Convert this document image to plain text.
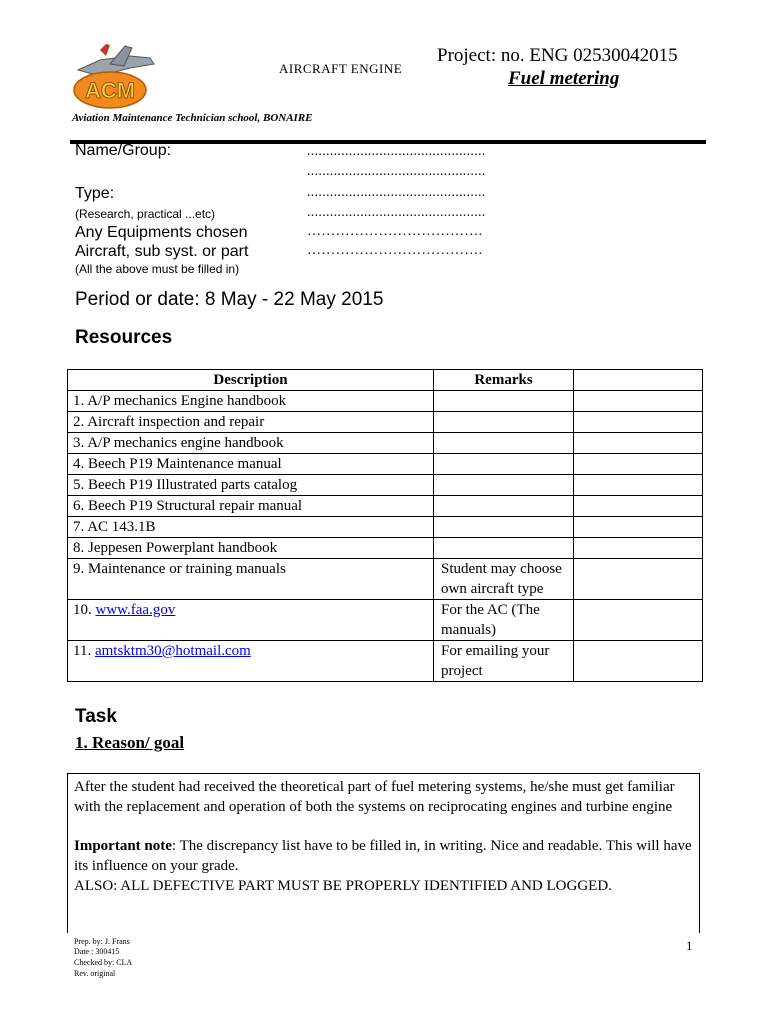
ACM
AIRCRAFT ENGINE
Project: no. ENG 02530042015
Fuel metering
Aviation Maintenance Technician school, BONAIRE
Name/Group:	...............................................
...............................................
Type:	...............................................
(Research, practical ...etc)	...............................................
Any Equipments chosen	……………………………….
Aircraft, sub syst. or part	……………………………….
(All the above must be filled in)
Period or date: 8 May - 22 May 2015
Resources
Description	Remarks	
1. A/P mechanics Engine handbook		
2. Aircraft inspection and repair		
3. A/P mechanics engine handbook		
4. Beech P19 Maintenance manual		
5. Beech P19 Illustrated parts catalog		
6. Beech P19 Structural repair manual		
7. AC 143.1B		
8. Jeppesen Powerplant handbook		
9. Maintenance or training manuals	Student may choose own aircraft type	
10. www.faa.gov	For the AC (The manuals)	
11. amtsktm30@hotmail.com	For emailing your project	
Task
1. Reason/ goal

After the student had received the theoretical part of fuel metering systems, he/she must get familiar with the replacement and operation of both the systems on reciprocating engines and turbine engine

Important note: The discrepancy list have to be filled in, in writing. Nice and readable. This will have its influence on your grade.

ALSO: ALL DEFECTIVE PART MUST BE PROPERLY IDENTIFIED AND LOGGED.

Prep. by: J. Frans
Date : 300415
Checked by: CLA
Rev. original
1
